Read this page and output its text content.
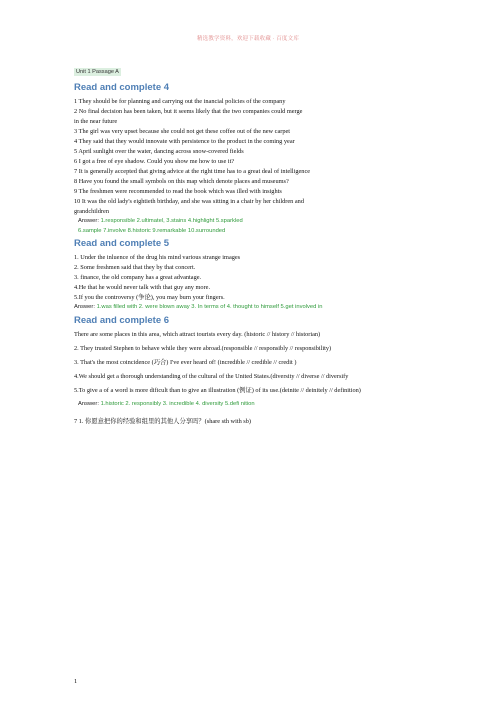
精选教学资料，欢迎下载收藏 · 百度文库
Unit 1 Passage A
Read and complete 4
1 They should be for planning and carrying out the inancial policies of the company
2 No final decision has been taken, but it seems likely that the two companies could merge
in the near future
3 The girl was very upset because she could not get these coffee out of the new carpet
4 They said that they would innovate with persistence to the product in the coming year
5 April sunlight over the water, dancing across snow-covered fields
6 I got a free of eye shadow. Could you show me how to use it?
7 It is generally accepted that giving advice at the right time has to a great deal of intelligence
8 Have you found the small symbols on this map which denote places and museums?
9 The freshmen were recommended to read the book which was illed with insights
10 It was the old lady's eightieth birthday, and she was sitting in a chair by her children and
grandchildren
Answer: 1.responsible 2.ultimatel, 3.stains 4.highlight 5.sparkled
6.sample 7.involve 8.historic 9.remarkable 10.surrounded
Read and complete 5
1. Under the inluence of the drug his mind various strange images
2. Some freshmen said that they by that concert.
3. finance, the old company has a great advantage.
4.He that he would never talk with that guy any more.
5.If you the controversy (争论), you may burn your fingers.
Answer: 1.was filled with 2. were blown away 3. In terms of 4. thought to himself 5.get involved in
Read and complete 6
There are some places in this area, which attract tourists every day. (historic // history // historian)
2. They trusted Stephen to behave while they were abroad.(responsible // responsibly // responsibility)
3. That's the most coincidence (巧合) I've ever heard of! (incredible // credible // credit )
4.We should get a thorough understanding of the cultural of the United States.(diversity // diverse // diversify
5.To give a of a word is more dificult than to give an illustration (例证) of its use.(deinite // deinitely // definition)
Answer: 1.historic 2. responsibly 3. incredible 4. diversity 5.defi nition
7 1. 你愿意把你的经验和组里的其他人分享吗？(share sth with sb)
1
